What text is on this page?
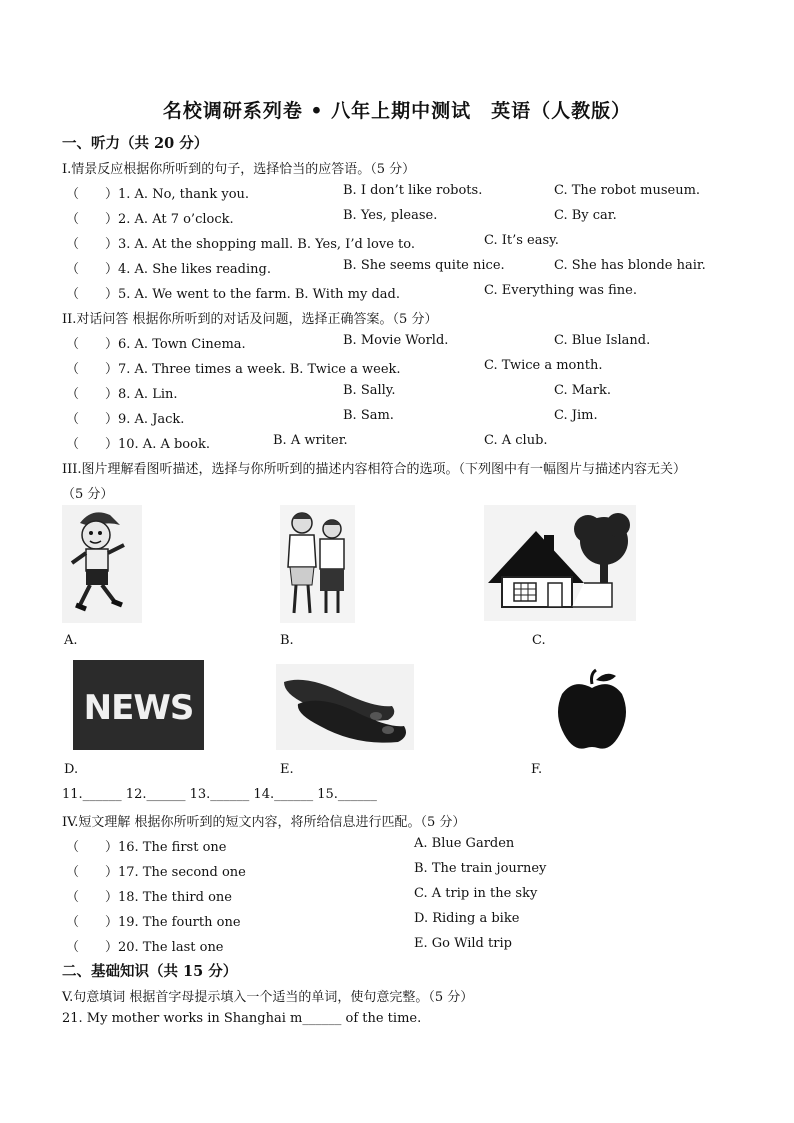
名校调研系列卷 • 八年上期中测试　英语（人教版）
一、听力（共 20 分）
I.情景反应根据你所听到的句子，选择恰当的应答语。（5 分）
（　　）1. A. No, thank you.	B. I don’t like robots.	C. The robot museum.
（　　）2. A. At 7 o’clock.	B. Yes, please.	C. By car.
（　　）3. A. At the shopping mall. B. Yes, I’d love to.	C. It’s easy.
（　　）4. A. She likes reading.	B. She seems quite nice.	C. She has blonde hair.
（　　）5. A. We went to the farm. B. With my dad.	C. Everything was fine.
II.对话问答 根据你所听到的对话及问题，选择正确答案。（5 分）
（　　）6. A. Town Cinema.	B. Movie World.	C. Blue Island.
（　　）7. A. Three times a week. B. Twice a week.	C. Twice a month.
（　　）8. A. Lin.	B. Sally.	C. Mark.
（　　）9. A. Jack.	B. Sam.	C. Jim.
（　　）10. A. A book.	B. A writer.	C. A club.
III.图片理解看图听描述，选择与你所听到的描述内容相符合的选项。（下列图中有一幅图片与描述内容无关）
（5 分）
A.	B.	C.
NEWS
D.	E.	F.
11.______ 12.______ 13.______ 14.______ 15.______
IV.短文理解 根据你所听到的短文内容，将所给信息进行匹配。（5 分）
（　　）16. The first one	A. Blue Garden
（　　）17. The second one	B. The train journey
（　　）18. The third one	C. A trip in the sky
（　　）19. The fourth one	D. Riding a bike
（　　）20. The last one	E. Go Wild trip
二、基础知识（共 15 分）
V.句意填词 根据首字母提示填入一个适当的单词，使句意完整。（5 分）
21. My mother works in Shanghai m______ of the time.
